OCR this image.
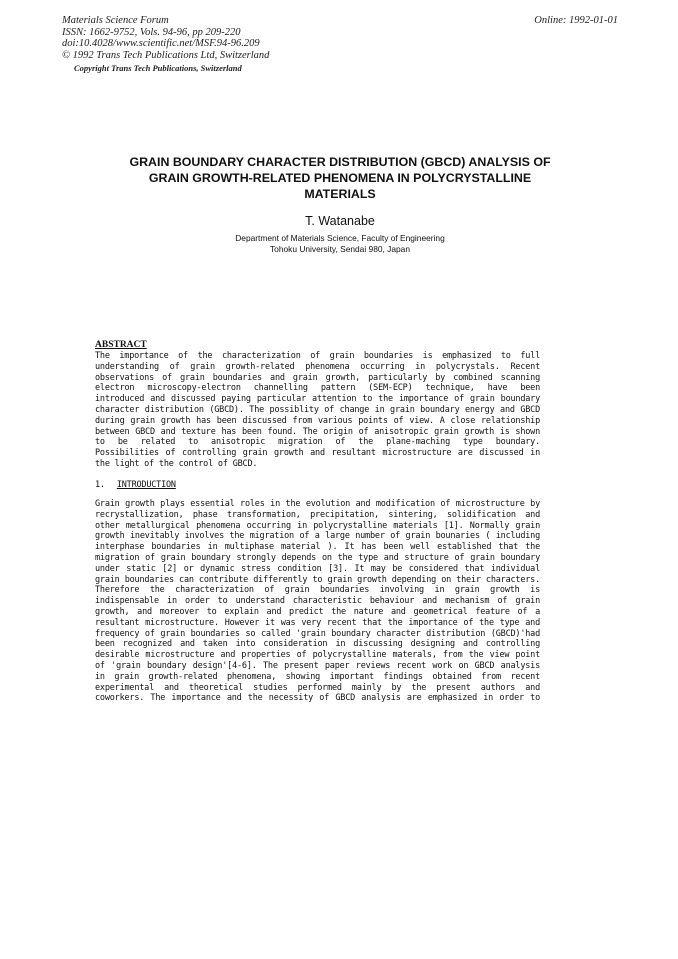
Online: 1992-01-01
Materials Science Forum
ISSN: 1662-9752, Vols. 94-96, pp 209-220
doi:10.4028/www.scientific.net/MSF.94-96.209
© 1992 Trans Tech Publications Ltd, Switzerland
Copyright Trans Tech Publications, Switzerland
GRAIN BOUNDARY CHARACTER DISTRIBUTION (GBCD) ANALYSIS OF
GRAIN GROWTH-RELATED PHENOMENA IN POLYCRYSTALLINE
MATERIALS
T. Watanabe
Department of Materials Science, Faculty of Engineering
Tohoku University, Sendai 980, Japan
ABSTRACT
The importance of the characterization of grain boundaries is emphasized to full
understanding of grain growth-related phenomena occurring in polycrystals. Recent
observations of grain boundaries and grain growth, particularly by combined scanning
electron microscopy-electron channelling pattern (SEM-ECP) technique, have been
introduced and discussed paying particular attention to the importance of grain boundary
character distribution (GBCD). The possiblity of change in grain boundary energy and GBCD
during grain growth has been discussed from various points of view. A close relationship
between GBCD and texture has been found. The origin of anisotropic grain growth is shown
to be related to anisotropic migration of the plane-maching type boundary.
Possibilities of controlling grain growth and resultant microstructure are discussed in
the light of the control of GBCD.
1. INTRODUCTION
Grain growth plays essential roles in the evolution and modification of microstructure by
recrystallization, phase transformation, precipitation, sintering, solidification and
other metallurgical phenomena occurring in polycrystalline materials [1]. Normally grain
growth inevitably involves the migration of a large number of grain bounaries ( including
interphase boundaries in multiphase material ). It has been well established that the
migration of grain boundary strongly depends on the type and structure of grain boundary
under static [2] or dynamic stress condition [3]. It may be considered that individual
grain boundaries can contribute differently to grain growth depending on their characters.
Therefore the characterization of grain boundaries involving in grain growth is
indispensable in order to understand characteristic behaviour and mechanism of grain
growth, and moreover to explain and predict the nature and geometrical feature of a
resultant microstructure. However it was very recent that the importance of the type and
frequency of grain boundaries so called 'grain boundary character distribution (GBCD)'had
been recognized and taken into consideration in discussing designing and controlling
desirable microstructure and properties of polycrystalline materals, from the view point
of 'grain boundary design'[4-6]. The present paper reviews recent work on GBCD analysis
in grain growth-related phenomena, showing important findings obtained from recent
experimental and theoretical studies performed mainly by the present authors and
coworkers. The importance and the necessity of GBCD analysis are emphasized in order to
